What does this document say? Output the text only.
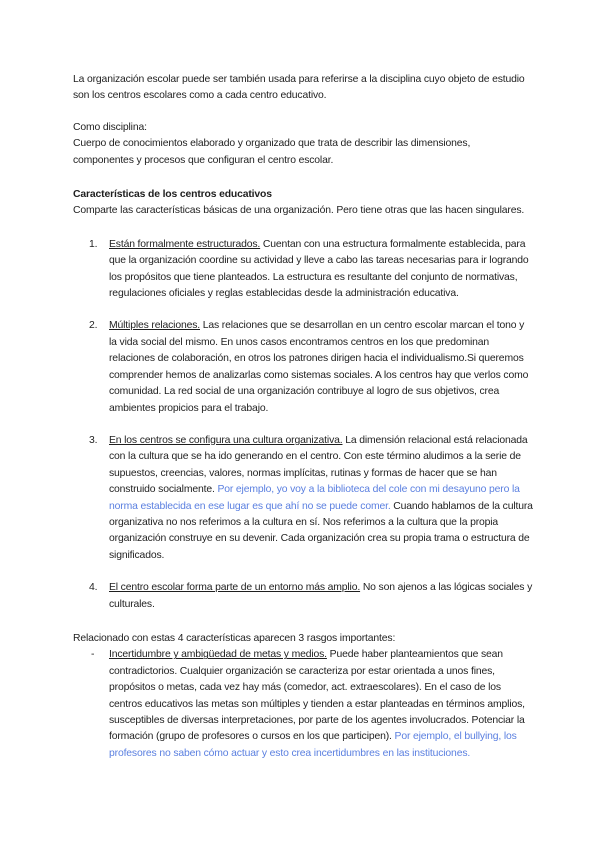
La organización escolar puede ser también usada para referirse a la disciplina cuyo objeto de estudio son los centros escolares como a cada centro educativo.

Como disciplina:

Cuerpo de conocimientos elaborado y organizado que trata de describir las dimensiones, componentes y procesos que configuran el centro escolar.

Características de los centros educativos

Comparte las características básicas de una organización. Pero tiene otras que las hacen singulares.

1. Están formalmente estructurados. Cuentan con una estructura formalmente establecida, para que la organización coordine su actividad y lleve a cabo las tareas necesarias para ir logrando los propósitos que tiene planteados. La estructura es resultante del conjunto de normativas, regulaciones oficiales y reglas establecidas desde la administración educativa.

2. Múltiples relaciones. Las relaciones que se desarrollan en un centro escolar marcan el tono y la vida social del mismo. En unos casos encontramos centros en los que predominan relaciones de colaboración, en otros los patrones dirigen hacia el individualismo.Si queremos comprender hemos de analizarlas como sistemas sociales. A los centros hay que verlos como comunidad. La red social de una organización contribuye al logro de sus objetivos, crea ambientes propicios para el trabajo.

3. En los centros se configura una cultura organizativa. La dimensión relacional está relacionada con la cultura que se ha ido generando en el centro. Con este término aludimos a la serie de supuestos, creencias, valores, normas implícitas, rutinas y formas de hacer que se han construido socialmente. Por ejemplo, yo voy a la biblioteca del cole con mi desayuno pero la norma establecida en ese lugar es que ahí no se puede comer. Cuando hablamos de la cultura organizativa no nos referimos a la cultura en sí. Nos referimos a la cultura que la propia organización construye en su devenir. Cada organización crea su propia trama o estructura de significados.

4. El centro escolar forma parte de un entorno más amplio. No son ajenos a las lógicas sociales y culturales.

Relacionado con estas 4 características aparecen 3 rasgos importantes:

- Incertidumbre y ambigüedad de metas y medios. Puede haber planteamientos que sean contradictorios. Cualquier organización se caracteriza por estar orientada a unos fines, propósitos o metas, cada vez hay más (comedor, act. extraescolares). En el caso de los centros educativos las metas son múltiples y tienden a estar planteadas en términos amplios, susceptibles de diversas interpretaciones, por parte de los agentes involucrados. Potenciar la formación (grupo de profesores o cursos en los que participen). Por ejemplo, el bullying, los profesores no saben cómo actuar y esto crea incertidumbres en las instituciones.
